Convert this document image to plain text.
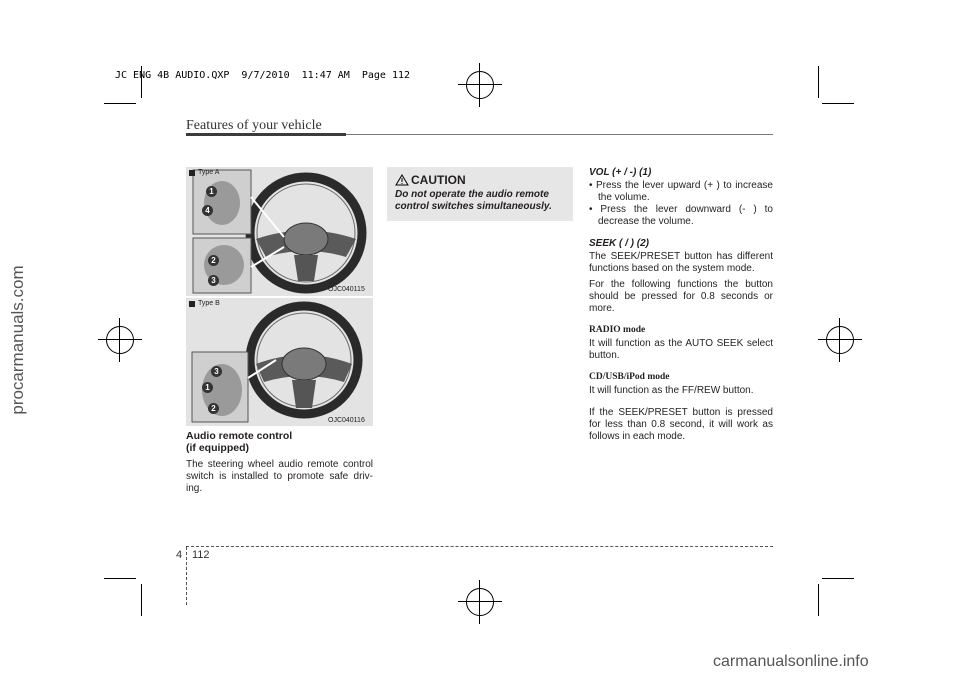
JC ENG 4B AUDIO.QXP  9/7/2010  11:47 AM  Page 112
Features of your vehicle
1
4
2
3
Type A
OJC040115
3
1
2
Type B
OJC040116
Audio remote control
(if equipped)
The steering wheel audio remote control switch is installed to promote safe driv-ing.
CAUTION
Do not operate the audio remote control switches simultaneously.
VOL (+ / -) (1)
• Press the lever upward (+ ) to increase the volume.
• Press the lever downward (- ) to decrease the volume.
SEEK ( / ) (2)
The SEEK/PRESET button has different functions based on the system mode.
For the following functions the button should be pressed for 0.8 seconds or more.
RADIO mode
It will function as the AUTO SEEK select button.
CD/USB/iPod mode
It will function as the FF/REW button.
If the SEEK/PRESET button is pressed for less than 0.8 second, it will work as follows in each mode.
4 112
procarmanuals.com
carmanualsonline.info
